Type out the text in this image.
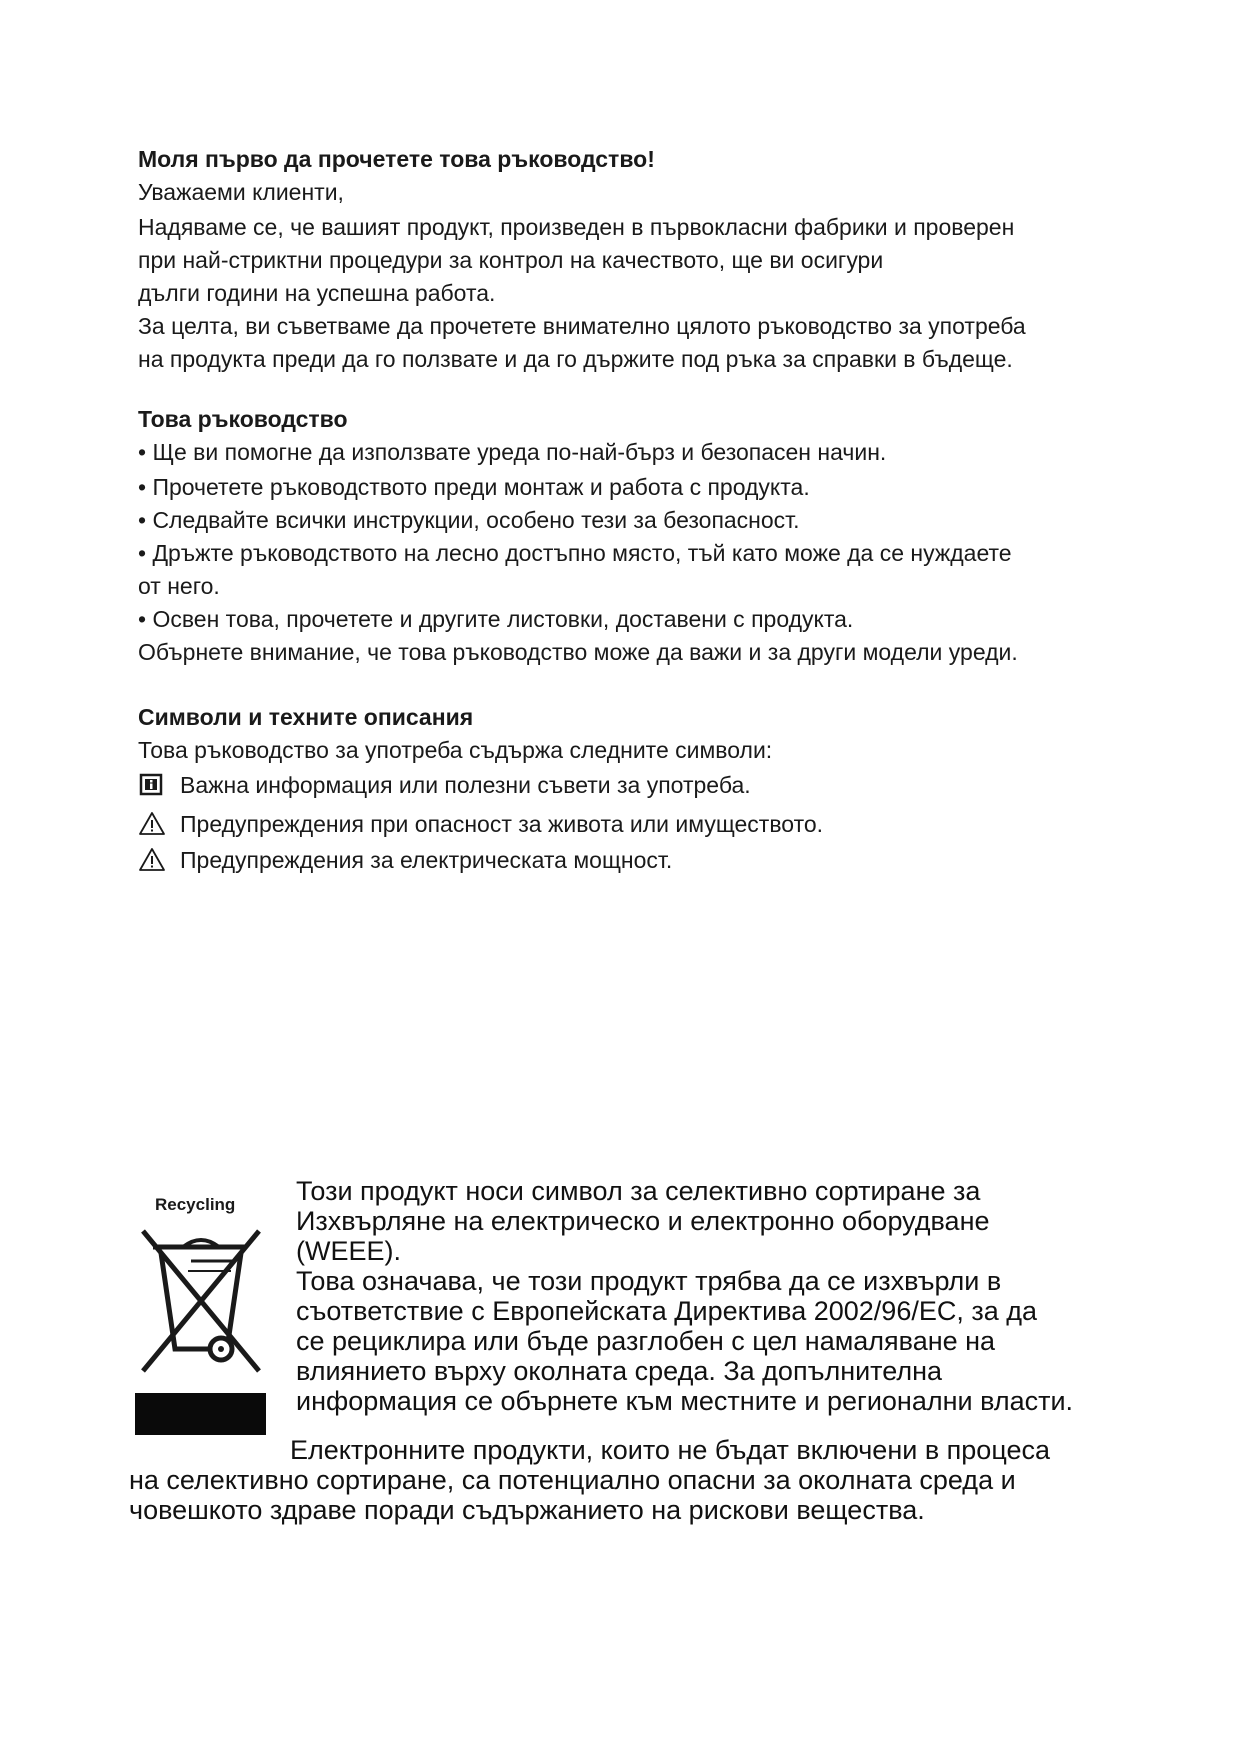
Моля първо да прочетете това ръководство!

Уважаеми клиенти,

Надяваме се, че вашият продукт, произведен в първокласни фабрики и проверен

при най-стриктни процедури за контрол на качеството, ще ви осигури

дълги години на успешна работа.

За целта, ви съветваме да прочетете внимателно цялото ръководство за употреба

на продукта преди да го ползвате и да го държите под ръка за справки в бъдеще.

Това ръководство

• Ще ви помогне да използвате уреда по-най-бърз и безопасен начин.

• Прочетете ръководството преди монтаж и работа с продукта.

• Следвайте всички инструкции, особено тези за безопасност.

• Дръжте ръководството на лесно достъпно място, тъй като може да се нуждаете

от него.

• Освен това, прочетете и другите листовки, доставени с продукта.

Обърнете внимание, че това ръководство може да важи и за други модели уреди.

Символи и техните описания

Това ръководство за употреба съдържа следните символи:

Важна информация или полезни съвети за употреба.
Предупреждения при опасност за живота или имуществото.
Предупреждения за електрическата мощност.
Recycling Този продукт носи символ за селективно сортиране за

Изхвърляне на електрическо и електронно оборудване

(WEEE).

Това означава, че този продукт трябва да се изхвърли в

съответствие с Европейската Директива 2002/96/EC, за да

се рециклира или бъде разглобен с цел намаляване на

влиянието върху околната среда. За допълнителна

информация се обърнете към местните и регионални власти.

Електронните продукти, които не бъдат включени в процеса

на селективно сортиране, са потенциално опасни за околната среда и

човешкото здраве поради съдържанието на рискови вещества.
